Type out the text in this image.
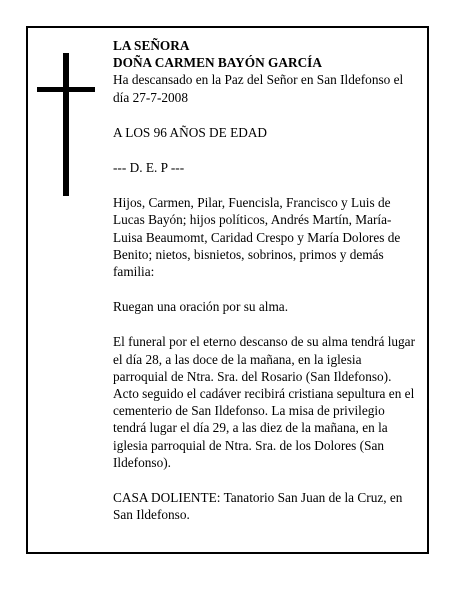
LA SEÑORA

DOÑA CARMEN BAYÓN GARCÍA

Ha descansado en la Paz del Señor en San Ildefonso el día 27-7-2008

A LOS 96 AÑOS DE EDAD

--- D. E. P ---

Hijos, Carmen, Pilar, Fuencisla, Francisco y Luis de Lucas Bayón; hijos políticos, Andrés Martín, María-Luisa Beaumomt, Caridad Crespo y María Dolores de Benito; nietos, bisnietos, sobrinos, primos y demás familia:

Ruegan una oración por su alma.

El funeral por el eterno descanso de su alma tendrá lugar el día 28, a las doce de la mañana, en la iglesia parroquial de Ntra. Sra. del Rosario (San Ildefonso). Acto seguido el cadáver recibirá cristiana sepultura en el cementerio de San Ildefonso. La misa de privilegio tendrá lugar el día 29, a las diez de la mañana, en la iglesia parroquial de Ntra. Sra. de los Dolores (San Ildefonso).

CASA DOLIENTE: Tanatorio San Juan de la Cruz, en San Ildefonso.
